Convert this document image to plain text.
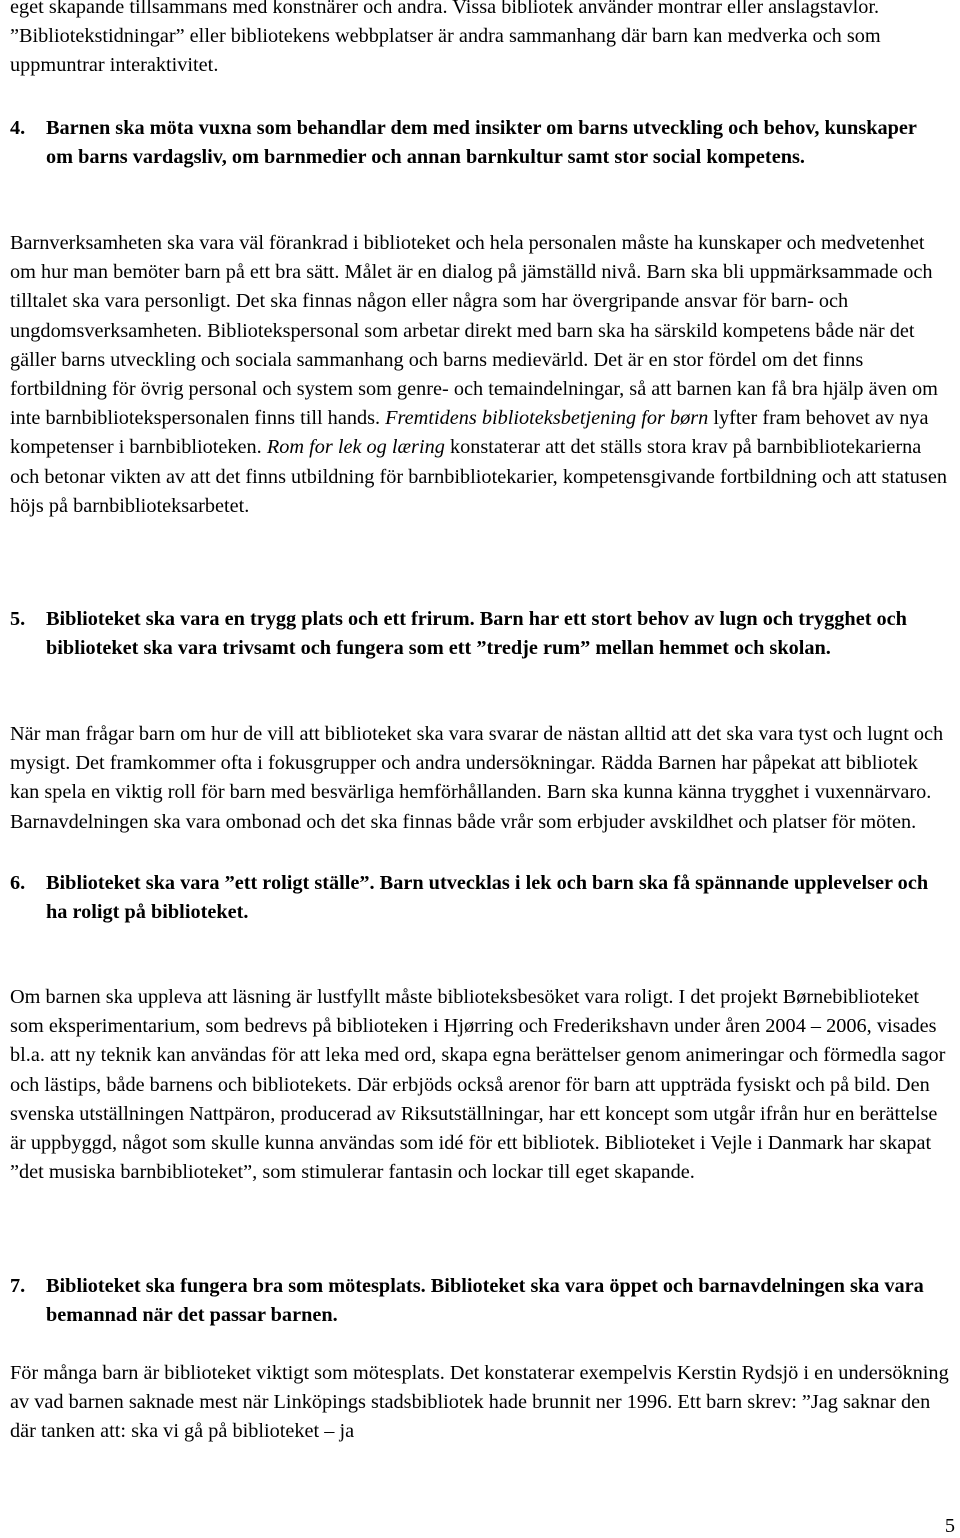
eget skapande tillsammans med konstnärer och andra. Vissa bibliotek använder montrar eller anslagstavlor. ”Bibliotekstidningar” eller bibliotekens webbplatser är andra sammanhang där barn kan medverka och som uppmuntrar interaktivitet.

4. Barnen ska möta vuxna som behandlar dem med insikter om barns utveckling och behov, kunskaper om barns vardagsliv, om barnmedier och annan barnkultur samt stor social kompetens.

Barnverksamheten ska vara väl förankrad i biblioteket och hela personalen måste ha kunskaper och medvetenhet om hur man bemöter barn på ett bra sätt. Målet är en dialog på jämställd nivå. Barn ska bli uppmärksammade och tilltalet ska vara personligt. Det ska finnas någon eller några som har övergripande ansvar för barn- och ungdomsverksamheten. Bibliotekspersonal som arbetar direkt med barn ska ha särskild kompetens både när det gäller barns utveckling och sociala sammanhang och barns medievärld. Det är en stor fördel om det finns fortbildning för övrig personal och system som genre- och temaindelningar, så att barnen kan få bra hjälp även om inte barnbibliotekspersonalen finns till hands. Fremtidens biblioteksbetjening for børn lyfter fram behovet av nya kompetenser i barnbiblioteken. Rom for lek og læring konstaterar att det ställs stora krav på barnbibliotekarierna och betonar vikten av att det finns utbildning för barnbibliotekarier, kompetensgivande fortbildning och att statusen höjs på barnbiblioteksarbetet.

5. Biblioteket ska vara en trygg plats och ett frirum. Barn har ett stort behov av lugn och trygghet och biblioteket ska vara trivsamt och fungera som ett ”tredje rum” mellan hemmet och skolan.

När man frågar barn om hur de vill att biblioteket ska vara svarar de nästan alltid att det ska vara tyst och lugnt och mysigt. Det framkommer ofta i fokusgrupper och andra undersökningar. Rädda Barnen har påpekat att bibliotek kan spela en viktig roll för barn med besvärliga hemförhållanden. Barn ska kunna känna trygghet i vuxennärvaro. Barnavdelningen ska vara ombonad och det ska finnas både vrår som erbjuder avskildhet och platser för möten.

6. Biblioteket ska vara ”ett roligt ställe”. Barn utvecklas i lek och barn ska få spännande upplevelser och ha roligt på biblioteket.

Om barnen ska uppleva att läsning är lustfyllt måste biblioteksbesöket vara roligt. I det projekt Børnebiblioteket som eksperimentarium, som bedrevs på biblioteken i Hjørring och Frederikshavn under åren 2004 – 2006, visades bl.a. att ny teknik kan användas för att leka med ord, skapa egna berättelser genom animeringar och förmedla sagor och lästips, både barnens och bibliotekets. Där erbjöds också arenor för barn att uppträda fysiskt och på bild. Den svenska utställningen Nattpäron, producerad av Riksutställningar, har ett koncept som utgår ifrån hur en berättelse är uppbyggd, något som skulle kunna användas som idé för ett bibliotek. Biblioteket i Vejle i Danmark har skapat ”det musiska barnbiblioteket”, som stimulerar fantasin och lockar till eget skapande.

7. Biblioteket ska fungera bra som mötesplats. Biblioteket ska vara öppet och barnavdelningen ska vara bemannad när det passar barnen.

För många barn är biblioteket viktigt som mötesplats. Det konstaterar exempelvis Kerstin Rydsjö i en undersökning av vad barnen saknade mest när Linköpings stadsbibliotek hade brunnit ner 1996. Ett barn skrev: ”Jag saknar den där tanken att: ska vi gå på biblioteket – ja

5
